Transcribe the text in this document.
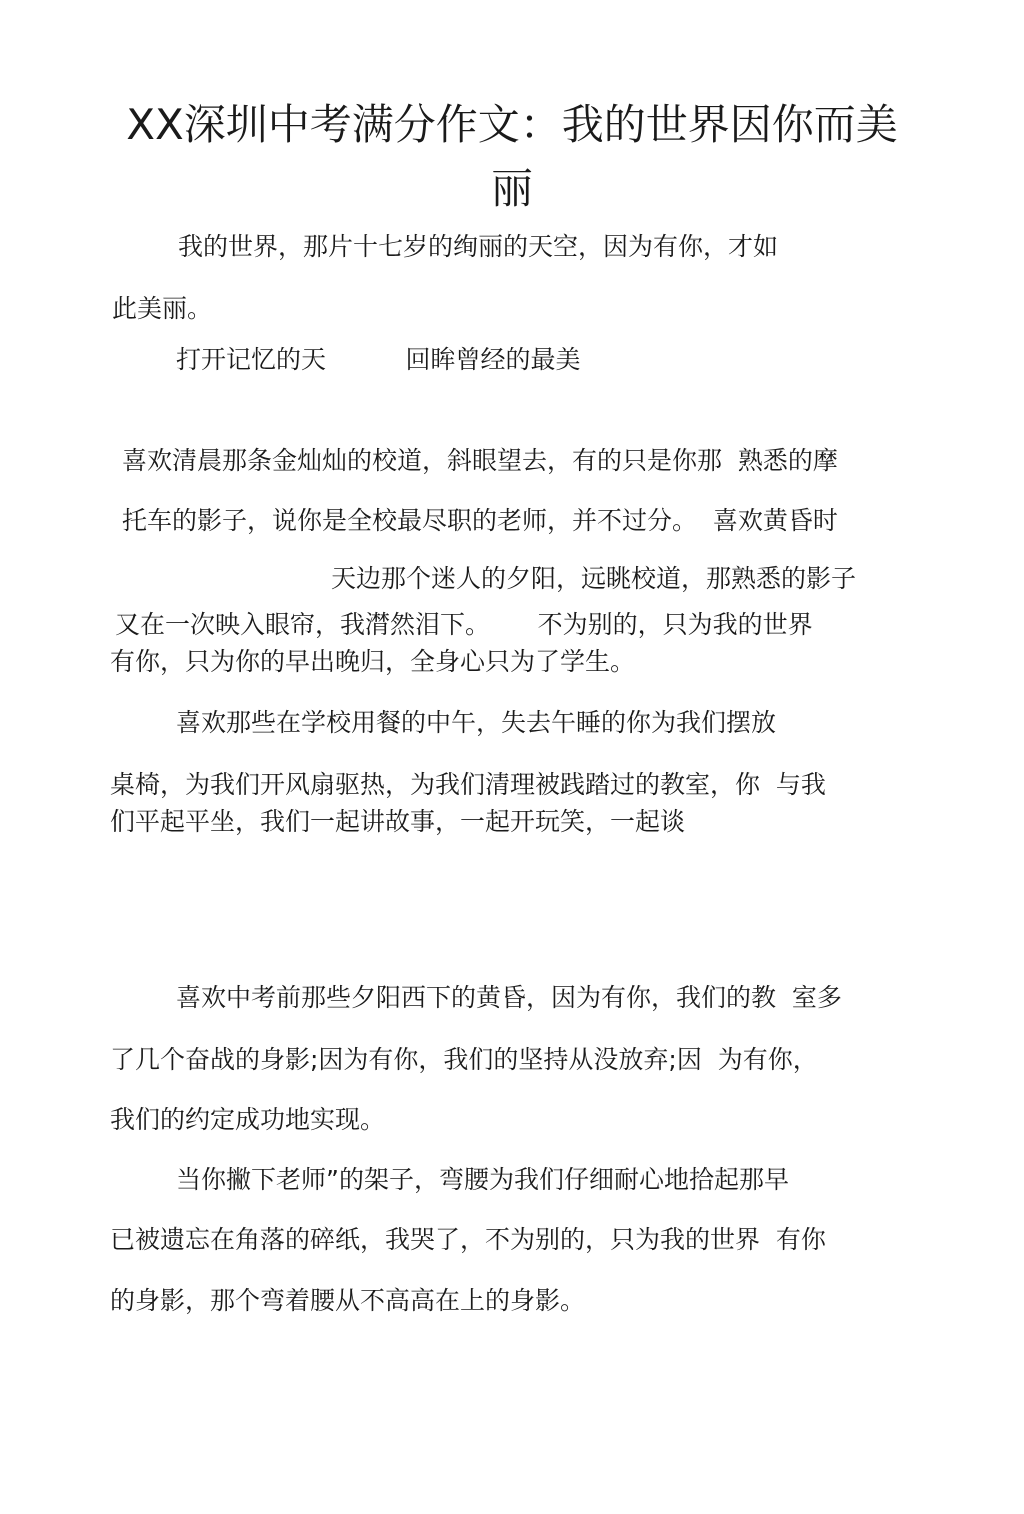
XX深圳中考满分作文：我的世界因你而美
丽
我的世界，那片十七岁的绚丽的天空，因为有你，才如
此美丽。
打开记忆的天          回眸曾经的最美
喜欢清晨那条金灿灿的校道，斜眼望去，有的只是你那  熟悉的摩
托车的影子，说你是全校最尽职的老师，并不过分。  喜欢黄昏时
天边那个迷人的夕阳，远眺校道，那熟悉的影子
又在一次映入眼帘，我潸然泪下。      不为别的，只为我的世界
有你，只为你的早出晚归，全身心只为了学生。
喜欢那些在学校用餐的中午，失去午睡的你为我们摆放
桌椅，为我们开风扇驱热，为我们清理被践踏过的教室，你  与我
们平起平坐，我们一起讲故事，一起开玩笑，一起谈
喜欢中考前那些夕阳西下的黄昏，因为有你，我们的教  室多
了几个奋战的身影;因为有你，我们的坚持从没放弃;因  为有你，
我们的约定成功地实现。
当你撇下老师”的架子，弯腰为我们仔细耐心地拾起那早
已被遗忘在角落的碎纸，我哭了，不为别的，只为我的世界  有你
的身影，那个弯着腰从不高高在上的身影。
